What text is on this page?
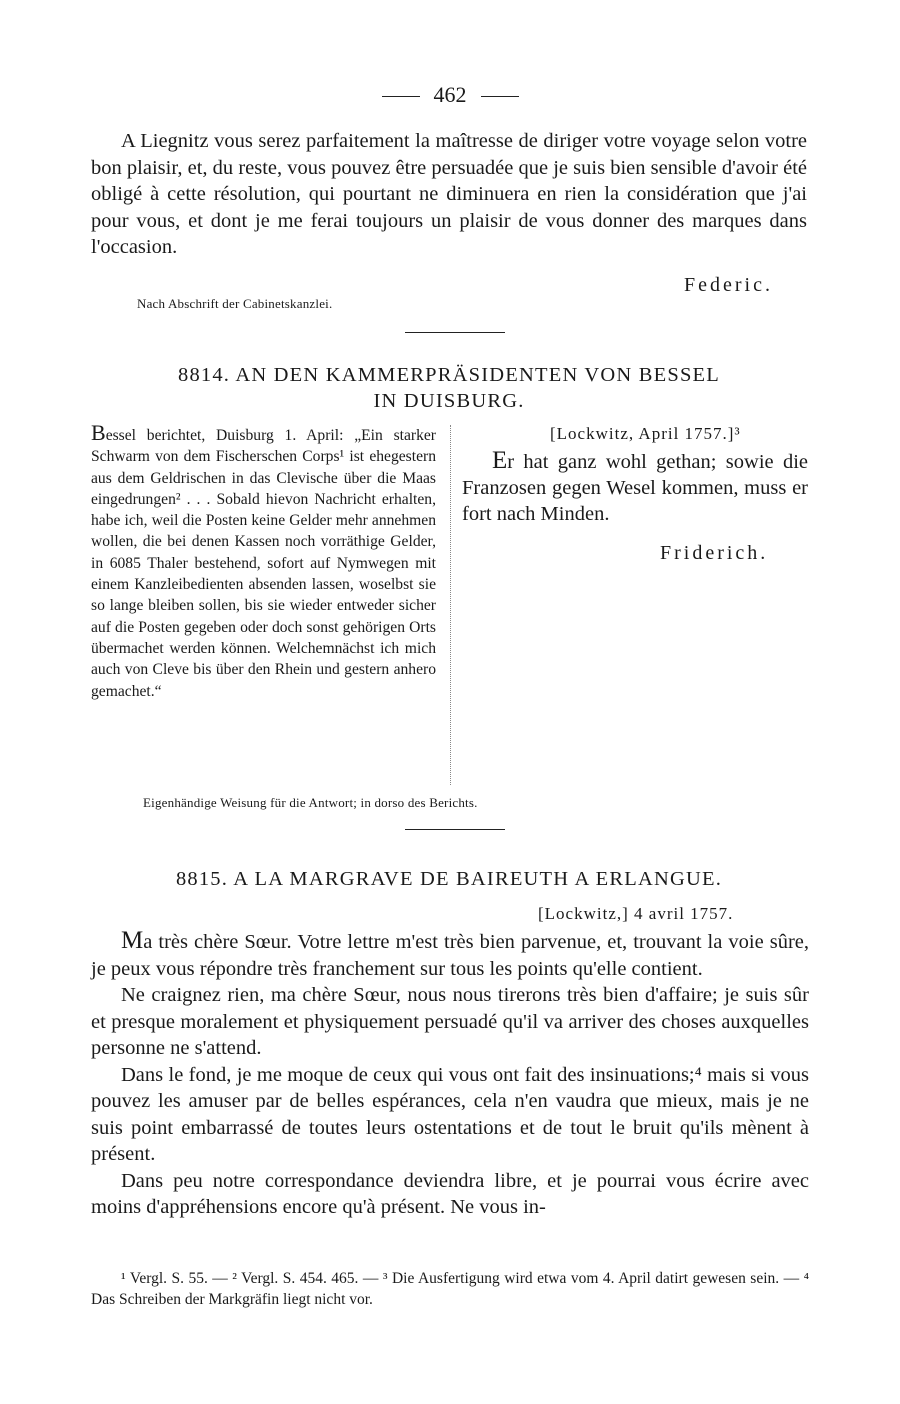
462
A Liegnitz vous serez parfaitement la maîtresse de diriger votre voyage selon votre bon plaisir, et, du reste, vous pouvez être persuadée que je suis bien sensible d'avoir été obligé à cette résolution, qui pourtant ne diminuera en rien la considération que j'ai pour vous, et dont je me ferai toujours un plaisir de vous donner des marques dans l'occasion.
Federic.
Nach Abschrift der Cabinetskanzlei.
8814. AN DEN KAMMERPRÄSIDENTEN VON BESSEL
IN DUISBURG.
Bessel berichtet, Duisburg 1. April: „Ein starker Schwarm von dem Fischerschen Corps¹ ist ehegestern aus dem Geldrischen in das Clevische über die Maas eingedrungen² . . . Sobald hievon Nachricht erhalten, habe ich, weil die Posten keine Gelder mehr annehmen wollen, die bei denen Kassen noch vorräthige Gelder, in 6085 Thaler bestehend, sofort auf Nymwegen mit einem Kanzleibedienten absenden lassen, woselbst sie so lange bleiben sollen, bis sie wieder entweder sicher auf die Posten gegeben oder doch sonst gehörigen Orts übermachet werden können. Welchemnächst ich mich auch von Cleve bis über den Rhein und gestern anhero gemachet.“
[Lockwitz, April 1757.]³
Er hat ganz wohl gethan; sowie die Franzosen gegen Wesel kommen, muss er fort nach Minden.
Friderich.
Eigenhändige Weisung für die Antwort; in dorso des Berichts.
8815. A LA MARGRAVE DE BAIREUTH A ERLANGUE.
[Lockwitz,] 4 avril 1757.
Ma très chère Sœur. Votre lettre m'est très bien parvenue, et, trouvant la voie sûre, je peux vous répondre très franchement sur tous les points qu'elle contient.
Ne craignez rien, ma chère Sœur, nous nous tirerons très bien d'affaire; je suis sûr et presque moralement et physiquement persuadé qu'il va arriver des choses auxquelles personne ne s'attend.
Dans le fond, je me moque de ceux qui vous ont fait des insinuations;⁴ mais si vous pouvez les amuser par de belles espérances, cela n'en vaudra que mieux, mais je ne suis point embarrassé de toutes leurs ostentations et de tout le bruit qu'ils mènent à présent.
Dans peu notre correspondance deviendra libre, et je pourrai vous écrire avec moins d'appréhensions encore qu'à présent. Ne vous in-
¹ Vergl. S. 55. — ² Vergl. S. 454. 465. — ³ Die Ausfertigung wird etwa vom 4. April datirt gewesen sein. — ⁴ Das Schreiben der Markgräfin liegt nicht vor.
